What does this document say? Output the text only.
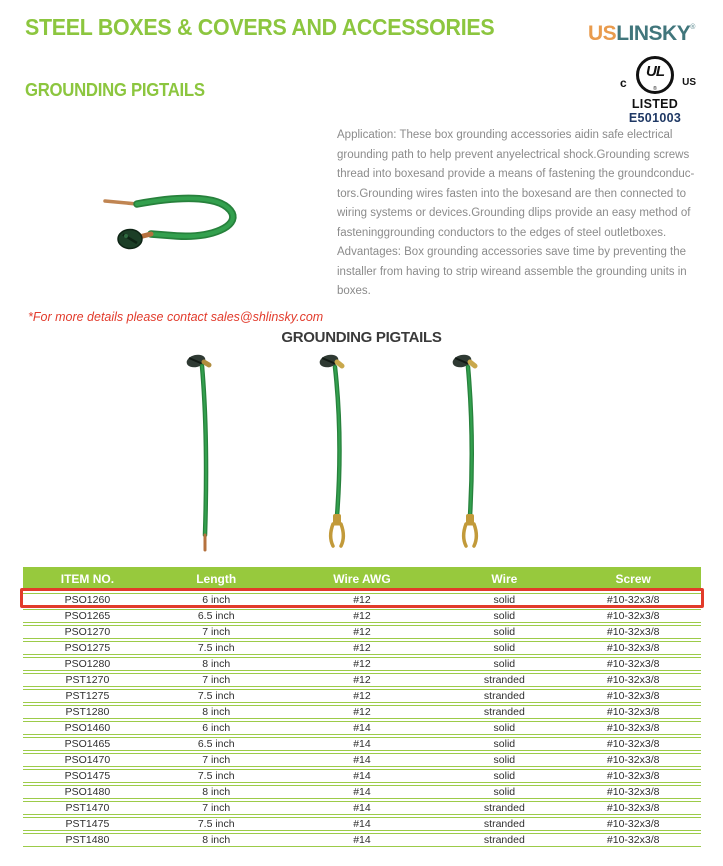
STEEL BOXES & COVERS AND ACCESSORIES	USLINSKY®
GROUNDING PIGTAILS	c	US
UL
®
LISTED
E501003
Application: These box grounding accessories aidin safe electrical grounding path to help prevent anyelectrical shock.Grounding screws thread into boxesand provide a means of fastening the groundconduc-tors.Grounding wires fasten into the boxesand are then connected to wiring systems or devices.Grounding dlips provide an easy method of fasteninggrounding conductors to the edges of steel outletboxes. Advantages: Box grounding accessories save time by preventing the installer from having to strip wireand assemble the grounding units in boxes.
*For more details please contact sales@shlinsky.com
GROUNDING PIGTAILS
ITEM NO.	Length	Wire AWG	Wire	Screw
PSO1260	6 inch	#12	solid	#10-32x3/8
PSO1265	6.5 inch	#12	solid	#10-32x3/8
PSO1270	7 inch	#12	solid	#10-32x3/8
PSO1275	7.5 inch	#12	solid	#10-32x3/8
PSO1280	8 inch	#12	solid	#10-32x3/8
PST1270	7 inch	#12	stranded	#10-32x3/8
PST1275	7.5 inch	#12	stranded	#10-32x3/8
PST1280	8 inch	#12	stranded	#10-32x3/8
PSO1460	6 inch	#14	solid	#10-32x3/8
PSO1465	6.5 inch	#14	solid	#10-32x3/8
PSO1470	7 inch	#14	solid	#10-32x3/8
PSO1475	7.5 inch	#14	solid	#10-32x3/8
PSO1480	8 inch	#14	solid	#10-32x3/8
PST1470	7 inch	#14	stranded	#10-32x3/8
PST1475	7.5 inch	#14	stranded	#10-32x3/8
PST1480	8 inch	#14	stranded	#10-32x3/8
